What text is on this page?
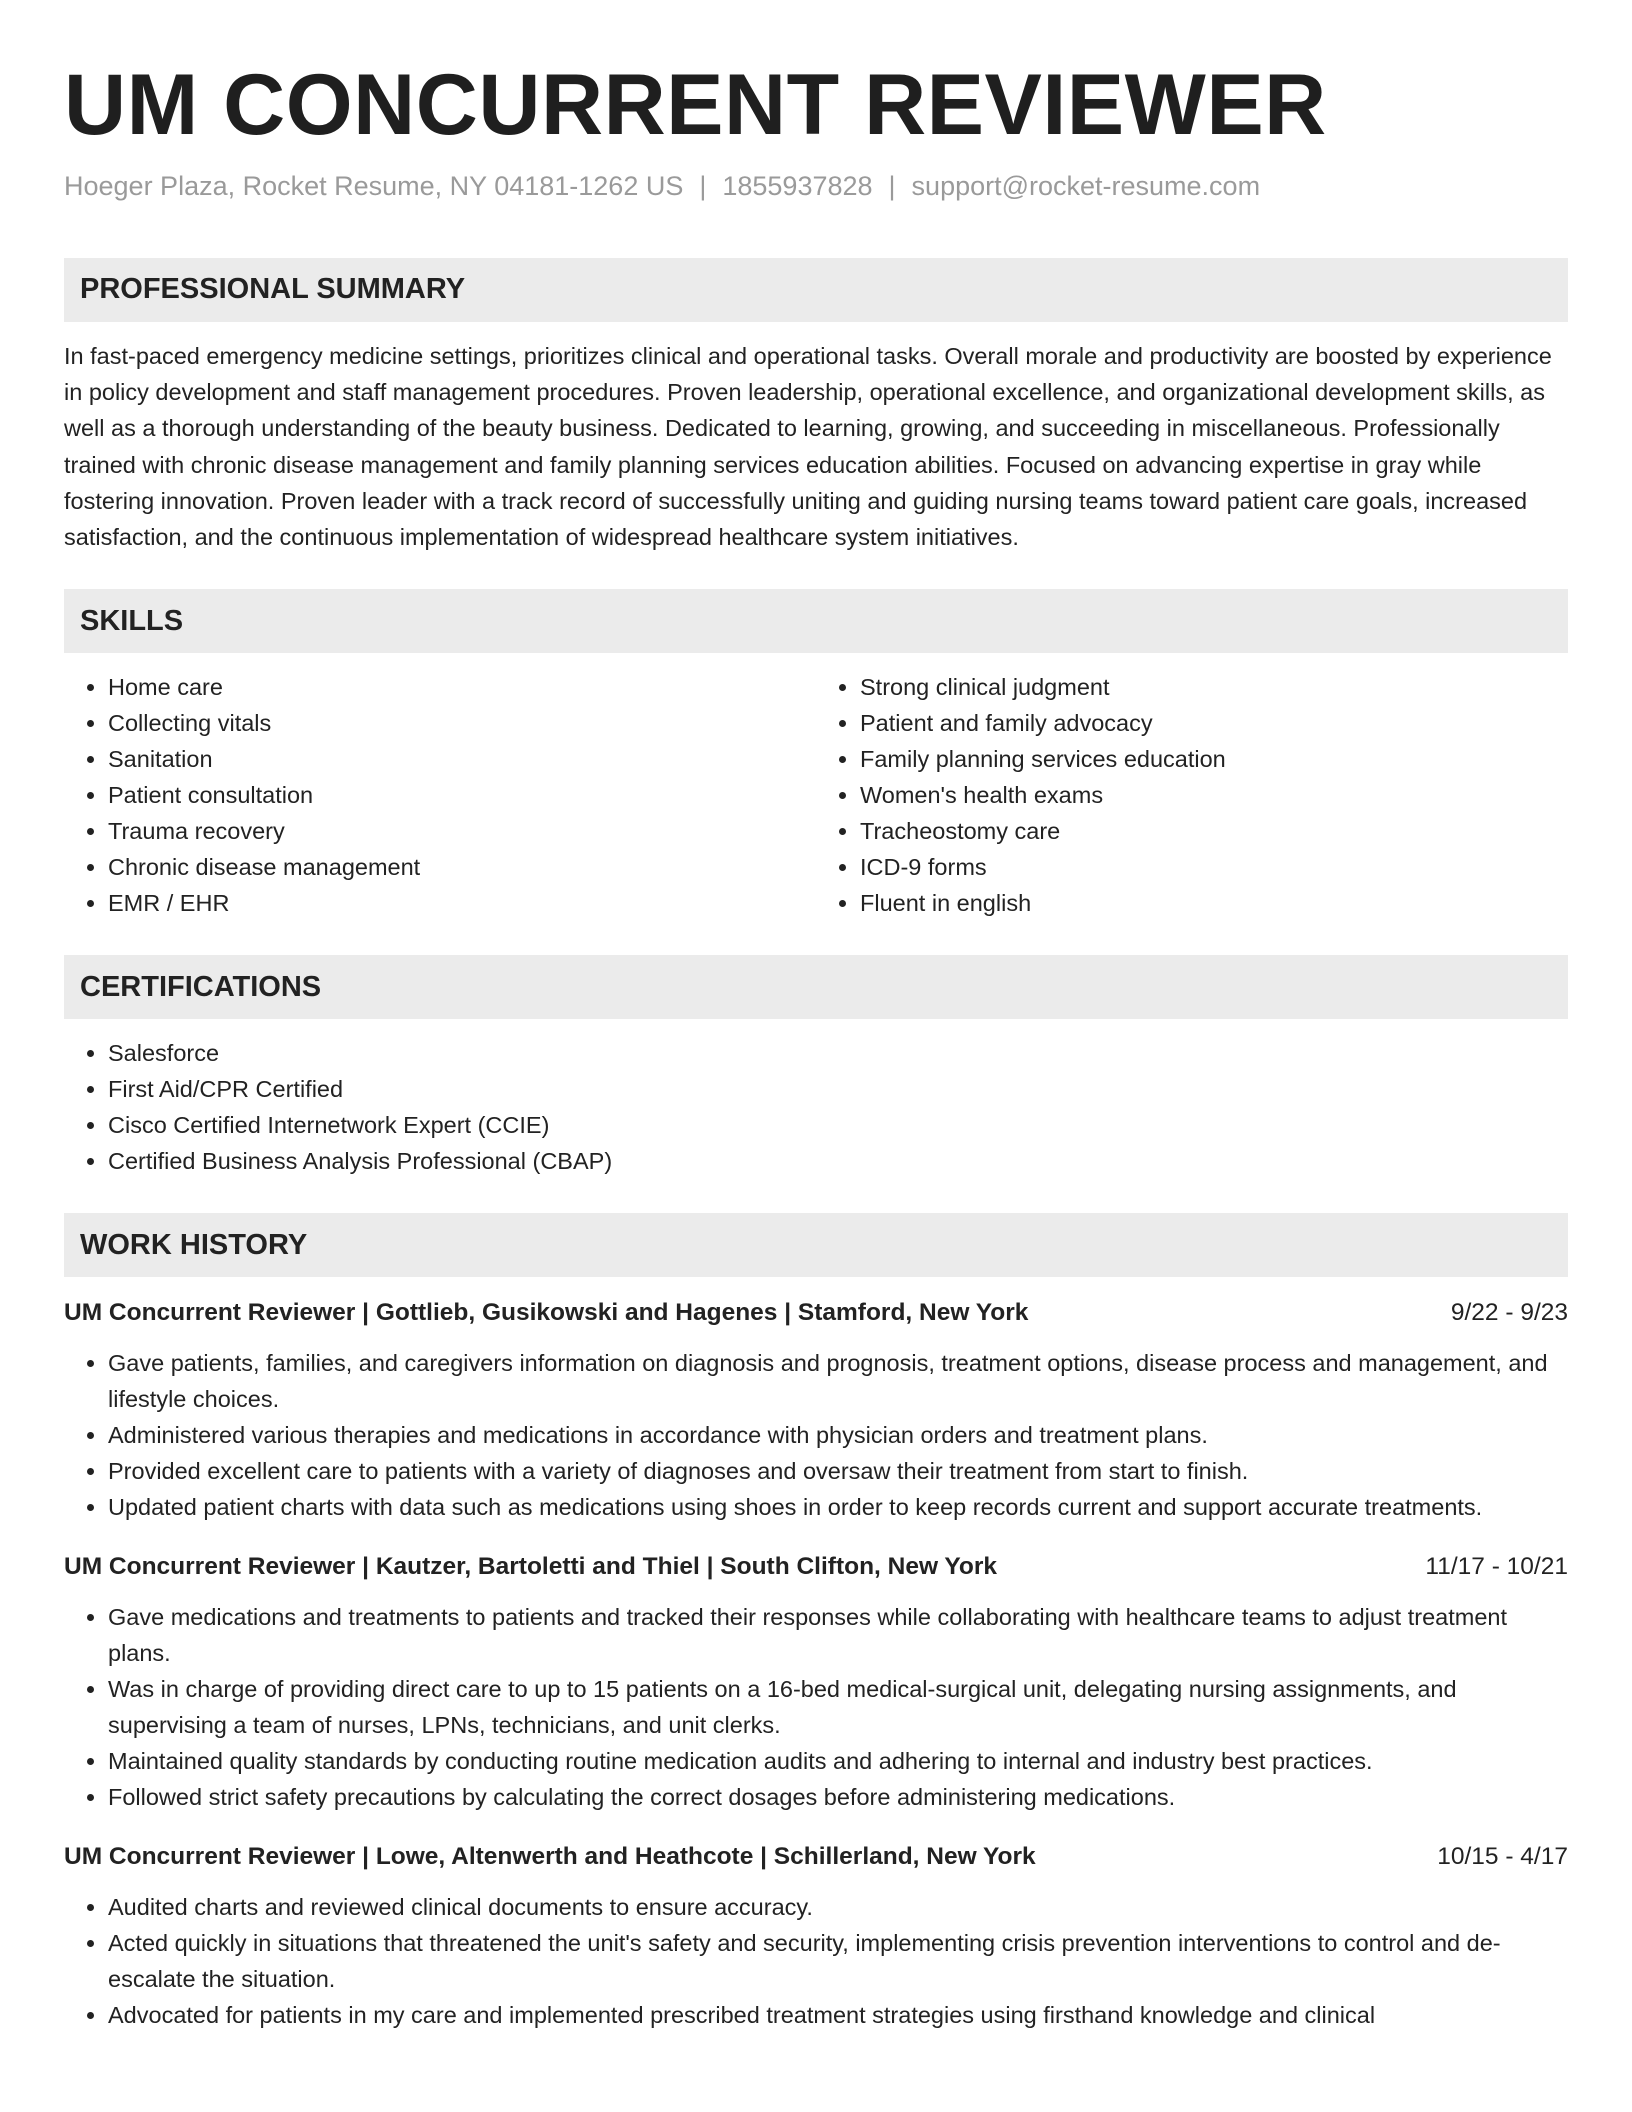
UM CONCURRENT REVIEWER
Hoeger Plaza, Rocket Resume, NY 04181-1262 US | 1855937828 | support@rocket-resume.com
PROFESSIONAL SUMMARY
In fast-paced emergency medicine settings, prioritizes clinical and operational tasks. Overall morale and productivity are boosted by experience in policy development and staff management procedures. Proven leadership, operational excellence, and organizational development skills, as well as a thorough understanding of the beauty business. Dedicated to learning, growing, and succeeding in miscellaneous. Professionally trained with chronic disease management and family planning services education abilities. Focused on advancing expertise in gray while fostering innovation. Proven leader with a track record of successfully uniting and guiding nursing teams toward patient care goals, increased satisfaction, and the continuous implementation of widespread healthcare system initiatives.
SKILLS
• Home care
• Collecting vitals
• Sanitation
• Patient consultation
• Trauma recovery
• Chronic disease management
• EMR / EHR
• Strong clinical judgment
• Patient and family advocacy
• Family planning services education
• Women's health exams
• Tracheostomy care
• ICD-9 forms
• Fluent in english
CERTIFICATIONS
• Salesforce
• First Aid/CPR Certified
• Cisco Certified Internetwork Expert (CCIE)
• Certified Business Analysis Professional (CBAP)
WORK HISTORY
UM Concurrent Reviewer | Gottlieb, Gusikowski and Hagenes | Stamford, New York	9/22 - 9/23
• Gave patients, families, and caregivers information on diagnosis and prognosis, treatment options, disease process and management, and lifestyle choices.
• Administered various therapies and medications in accordance with physician orders and treatment plans.
• Provided excellent care to patients with a variety of diagnoses and oversaw their treatment from start to finish.
• Updated patient charts with data such as medications using shoes in order to keep records current and support accurate treatments.
UM Concurrent Reviewer | Kautzer, Bartoletti and Thiel | South Clifton, New York	11/17 - 10/21
• Gave medications and treatments to patients and tracked their responses while collaborating with healthcare teams to adjust treatment plans.
• Was in charge of providing direct care to up to 15 patients on a 16-bed medical-surgical unit, delegating nursing assignments, and supervising a team of nurses, LPNs, technicians, and unit clerks.
• Maintained quality standards by conducting routine medication audits and adhering to internal and industry best practices.
• Followed strict safety precautions by calculating the correct dosages before administering medications.
UM Concurrent Reviewer | Lowe, Altenwerth and Heathcote | Schillerland, New York	10/15 - 4/17
• Audited charts and reviewed clinical documents to ensure accuracy.
• Acted quickly in situations that threatened the unit's safety and security, implementing crisis prevention interventions to control and de-escalate the situation.
• Advocated for patients in my care and implemented prescribed treatment strategies using firsthand knowledge and clinical
